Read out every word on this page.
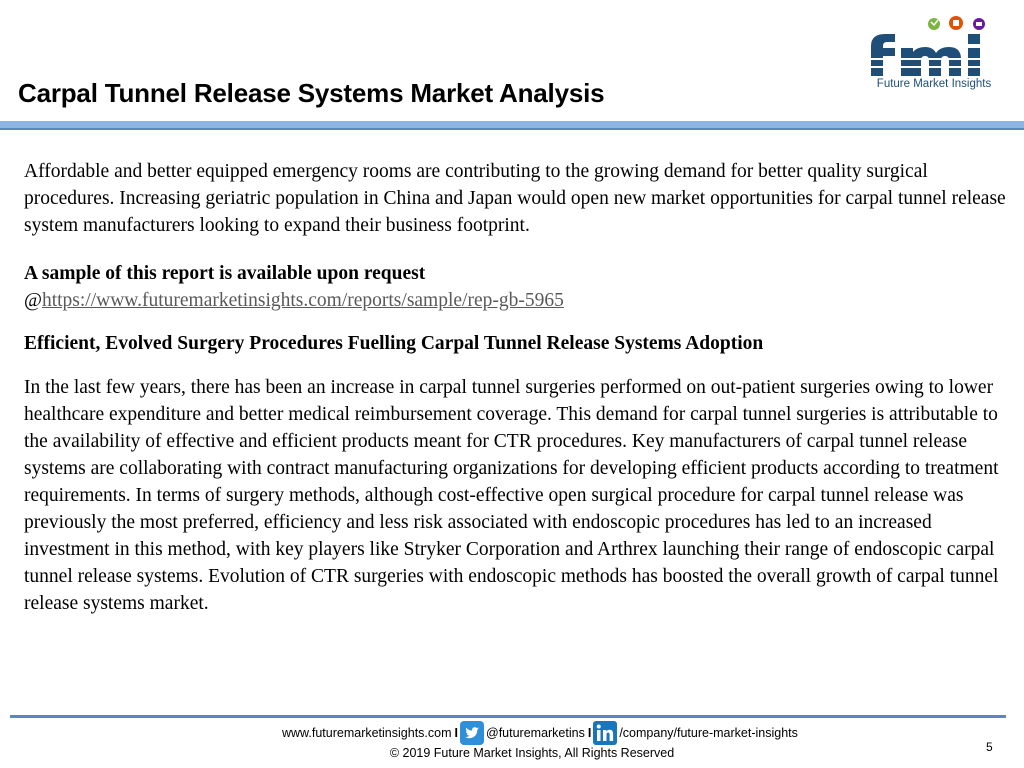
Carpal Tunnel Release Systems Market Analysis	Future Market Insights

Affordable and better equipped emergency rooms are contributing to the growing demand for better quality surgical procedures. Increasing geriatric population in China and Japan would open new market opportunities for carpal tunnel release system manufacturers looking to expand their business footprint.

A sample of this report is available upon request

@https://www.futuremarketinsights.com/reports/sample/rep-gb-5965

Efficient, Evolved Surgery Procedures Fuelling Carpal Tunnel Release Systems Adoption

In the last few years, there has been an increase in carpal tunnel surgeries performed on out-patient surgeries owing to lower healthcare expenditure and better medical reimbursement coverage. This demand for carpal tunnel surgeries is attributable to the availability of effective and efficient products meant for CTR procedures. Key manufacturers of carpal tunnel release systems are collaborating with contract manufacturing organizations for developing efficient products according to treatment requirements. In terms of surgery methods, although cost-effective open surgical procedure for carpal tunnel release was previously the most preferred, efficiency and less risk associated with endoscopic procedures has led to an increased investment in this method, with key players like Stryker Corporation and Arthrex launching their range of endoscopic carpal tunnel release systems. Evolution of CTR surgeries with endoscopic methods has boosted the overall growth of carpal tunnel release systems market.

www.futuremarketinsights.com I @futuremarketins I /company/future-market-insights
© 2019 Future Market Insights, All Rights Reserved	5
